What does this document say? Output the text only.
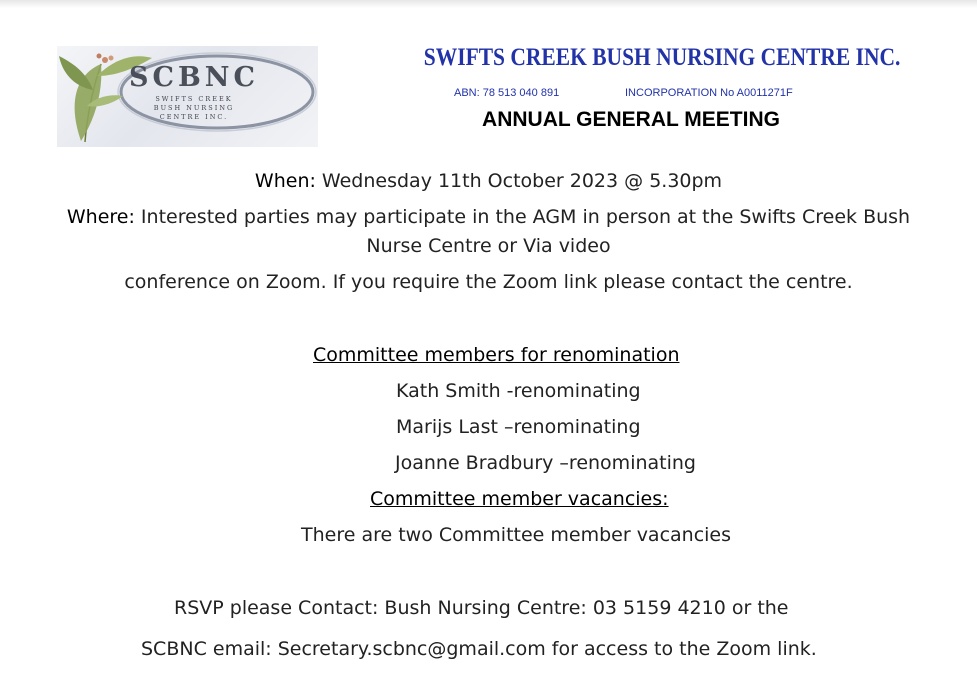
SCBNC
SWIFTS CREEK
BUSH NURSING
CENTRE INC.
SWIFTS CREEK BUSH NURSING CENTRE INC.
ABN: 78 513 040 891	INCORPORATION No A0011271F
ANNUAL GENERAL MEETING
When: Wednesday 11th October 2023 @ 5.30pm
Where: Interested parties may participate in the AGM in person at the Swifts Creek Bush
Nurse Centre or Via video
conference on Zoom. If you require the Zoom link please contact the centre.
Committee members for renomination
Kath Smith -renominating
Marijs Last –renominating
Joanne Bradbury –renominating
Committee member vacancies:
There are two Committee member vacancies
RSVP please Contact: Bush Nursing Centre: 03 5159 4210 or the
SCBNC email: Secretary.scbnc@gmail.com for access to the Zoom link.
